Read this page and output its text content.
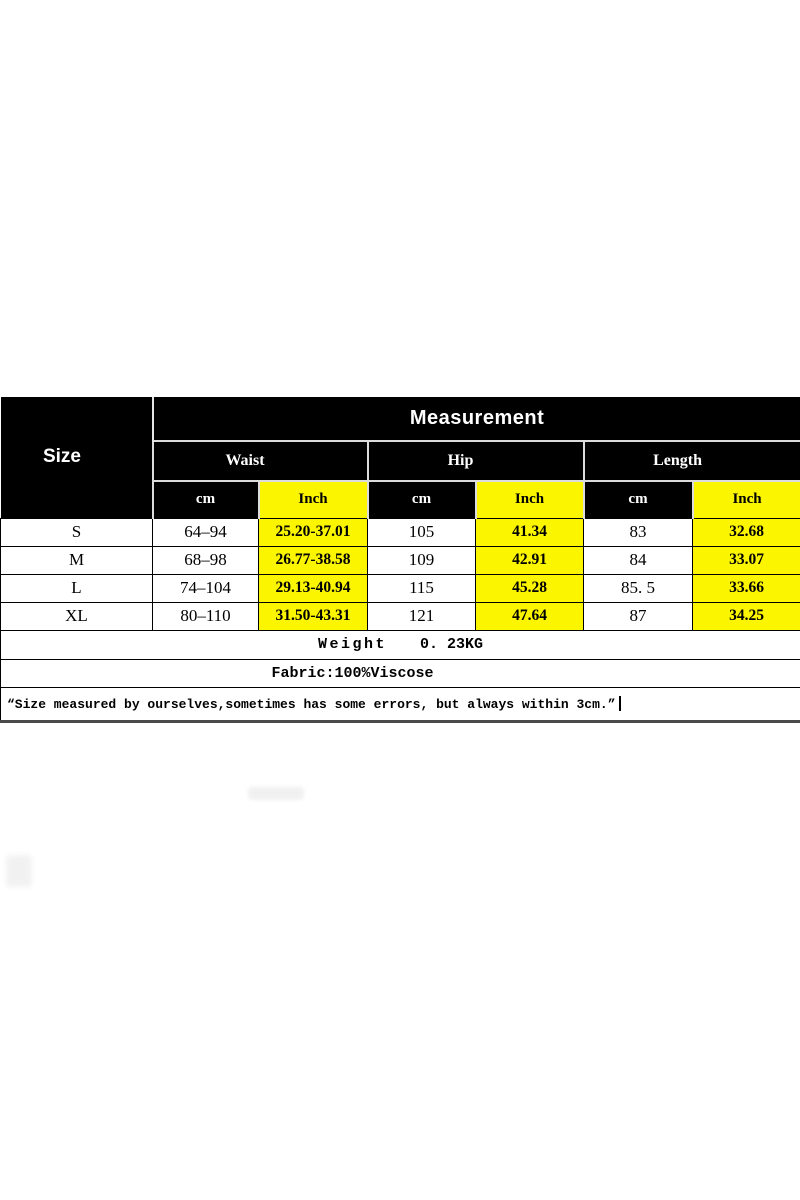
Size	Measurement					
	Waist		Hip		Length	
	cm	Inch	cm	Inch	cm	Inch
S	64–94	25.20-37.01	105	41.34	83	32.68
M	68–98	26.77-38.58	109	42.91	84	33.07
L	74–104	29.13-40.94	115	45.28	85. 5	33.66
XL	80–110	31.50-43.31	121	47.64	87	34.25
Weight 0. 23KG						
Fabric:100%Viscose						
“Size measured by ourselves,sometimes has some errors, but always within 3cm.”						
